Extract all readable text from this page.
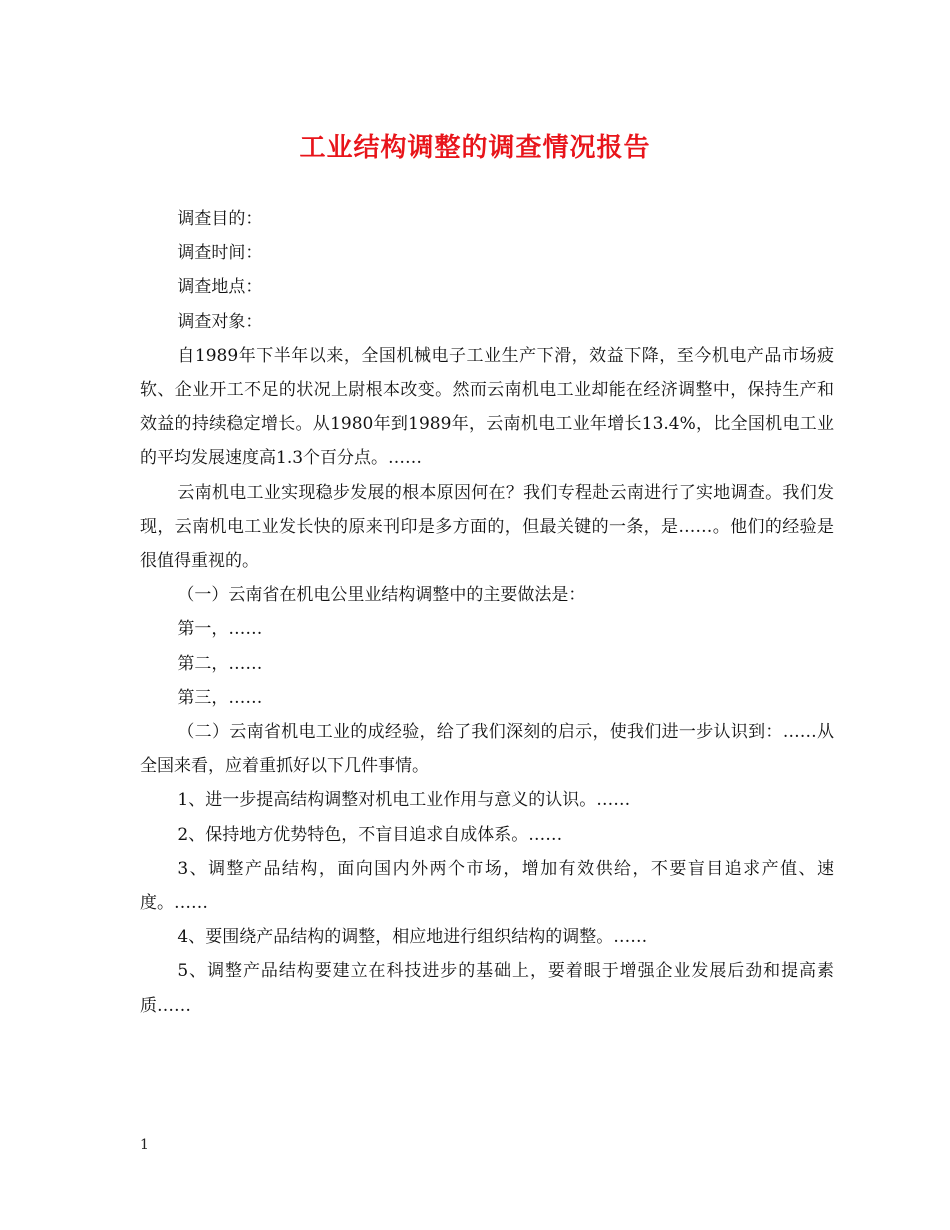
工业结构调整的调查情况报告

调查目的：

调查时间：

调查地点：

调查对象：

自1989年下半年以来，全国机械电子工业生产下滑，效益下降，至今机电产品市场疲软、企业开工不足的状况上尉根本改变。然而云南机电工业却能在经济调整中，保持生产和效益的持续稳定增长。从1980年到1989年，云南机电工业年增长13.4%，比全国机电工业的平均发展速度高1.3个百分点。……

云南机电工业实现稳步发展的根本原因何在？我们专程赴云南进行了实地调查。我们发现，云南机电工业发长快的原来刊印是多方面的，但最关键的一条，是……。他们的经验是很值得重视的。

（一）云南省在机电公里业结构调整中的主要做法是：

第一，……

第二，……

第三，……

（二）云南省机电工业的成经验，给了我们深刻的启示，使我们进一步认识到：……从全国来看，应着重抓好以下几件事情。

1、进一步提高结构调整对机电工业作用与意义的认识。……

2、保持地方优势特色，不盲目追求自成体系。……

3、调整产品结构，面向国内外两个市场，增加有效供给，不要盲目追求产值、速度。……

4、要围绕产品结构的调整，相应地进行组织结构的调整。……

5、调整产品结构要建立在科技进步的基础上，要着眼于增强企业发展后劲和提高素质……

1
